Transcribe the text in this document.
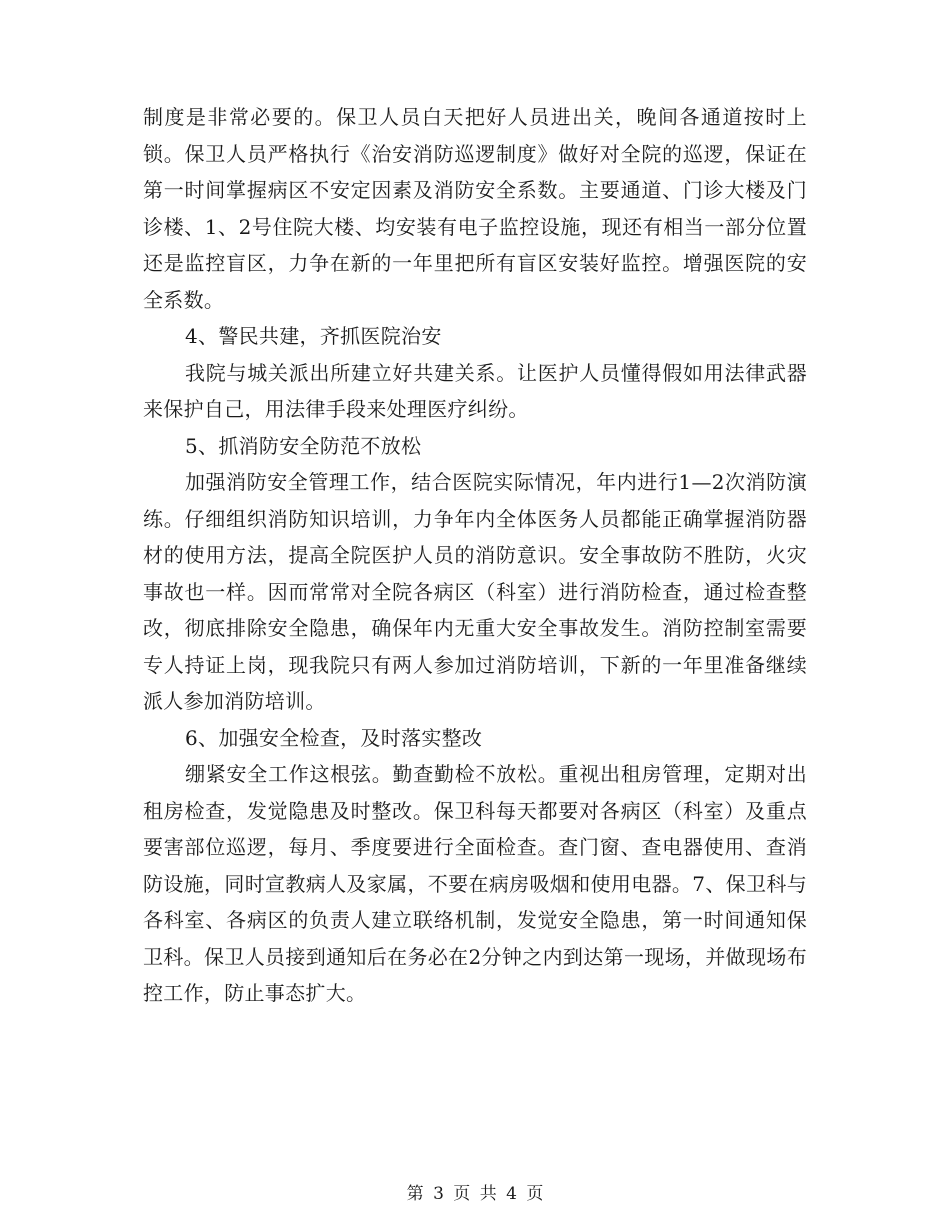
制度是非常必要的。保卫人员白天把好人员进出关，晚间各通道按时上锁。保卫人员严格执行《治安消防巡逻制度》做好对全院的巡逻，保证在第一时间掌握病区不安定因素及消防安全系数。主要通道、门诊大楼及门诊楼、1、2号住院大楼、均安装有电子监控设施，现还有相当一部分位置还是监控盲区，力争在新的一年里把所有盲区安装好监控。增强医院的安全系数。

4、警民共建，齐抓医院治安

我院与城关派出所建立好共建关系。让医护人员懂得假如用法律武器来保护自己，用法律手段来处理医疗纠纷。

5、抓消防安全防范不放松

加强消防安全管理工作，结合医院实际情况，年内进行1—2次消防演练。仔细组织消防知识培训，力争年内全体医务人员都能正确掌握消防器材的使用方法，提高全院医护人员的消防意识。安全事故防不胜防，火灾事故也一样。因而常常对全院各病区（科室）进行消防检查，通过检查整改，彻底排除安全隐患，确保年内无重大安全事故发生。消防控制室需要专人持证上岗，现我院只有两人参加过消防培训，下新的一年里准备继续派人参加消防培训。

6、加强安全检查，及时落实整改

绷紧安全工作这根弦。勤查勤检不放松。重视出租房管理，定期对出租房检查，发觉隐患及时整改。保卫科每天都要对各病区（科室）及重点要害部位巡逻，每月、季度要进行全面检查。查门窗、查电器使用、查消防设施，同时宣教病人及家属，不要在病房吸烟和使用电器。7、保卫科与各科室、各病区的负责人建立联络机制，发觉安全隐患，第一时间通知保卫科。保卫人员接到通知后在务必在2分钟之内到达第一现场，并做现场布控工作，防止事态扩大。

第 3 页 共 4 页
